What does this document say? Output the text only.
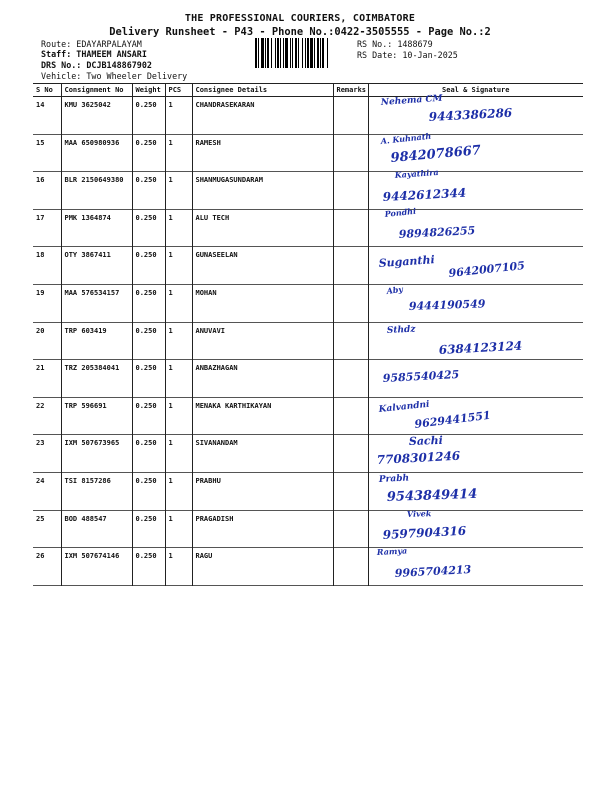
THE PROFESSIONAL COURIERS, COIMBATORE
Delivery Runsheet - P43 - Phone No.:0422-3505555 - Page No.:2
Route: EDAYARPALAYAM
Staff: THAMEEM ANSARI
DRS No.: DCJB148867902
Vehicle: Two Wheeler Delivery
RS No.: 1488679
RS Date: 10-Jan-2025
S No	Consignment No	Weight	PCS	Consignee Details	Remarks	Seal & Signature
14	KMU 3625042	0.250	1	CHANDRASEKARAN		Nehema CM
9443386286

15	MAA 650980936	0.250	1	RAMESH		A. Kuhnath
9842078667

16	BLR 2150649380	0.250	1	SHANMUGASUNDARAM		Kayathira
9442612344

17	PMK 1364874	0.250	1	ALU TECH		Pondhi
9894826255

18	OTY 3867411	0.250	1	GUNASEELAN		Suganthi 9642007105

19	MAA 576534157	0.250	1	MOHAN		Aby
9444190549

20	TRP 603419	0.250	1	ANUVAVI		Sthdz
6384123124

21	TRZ 205384041	0.250	1	ANBAZHAGAN		9585540425

22	TRP 596691	0.250	1	MENAKA KARTHIKAYAN		Kalvandni
9629441551

23	IXM 507673965	0.250	1	SIVANANDAM		Sachi
7708301246

24	TSI 8157286	0.250	1	PRABHU		Prabh
9543849414

25	BOD 488547	0.250	1	PRAGADISH		Vivek
9597904316

26	IXM 507674146	0.250	1	RAGU		Ramya
9965704213
